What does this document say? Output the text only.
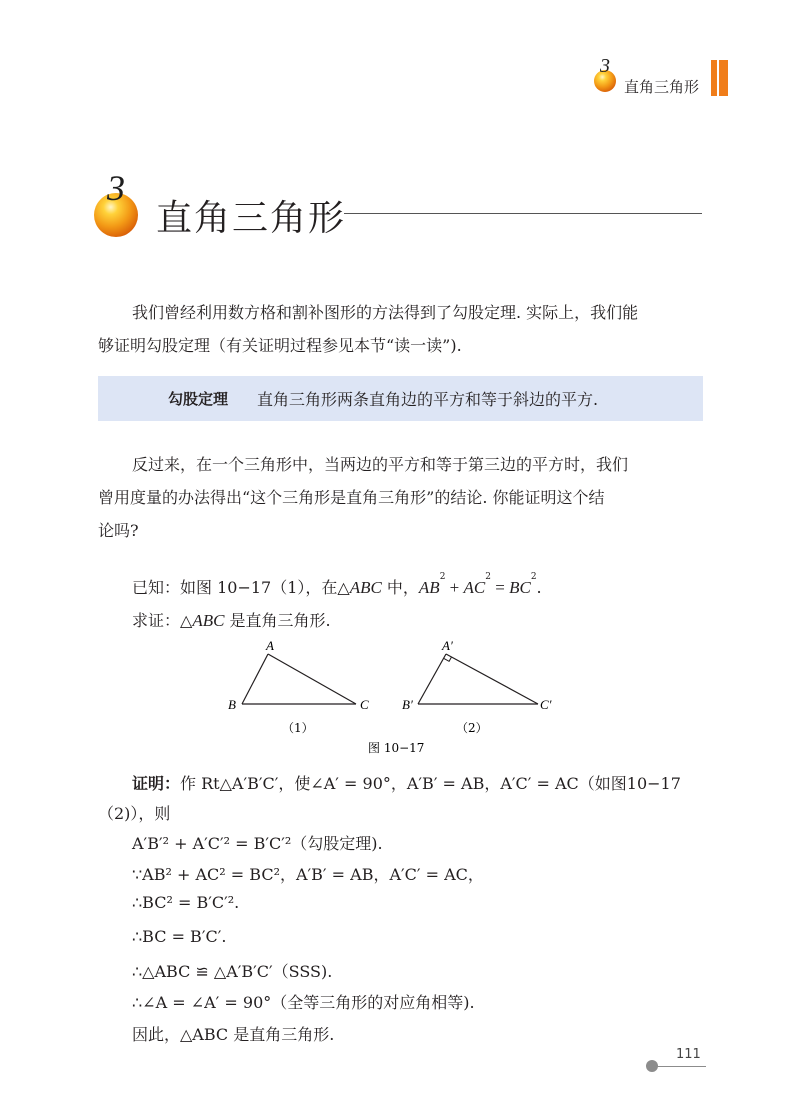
3
直角三角形
3
直角三角形
我们曾经利用数方格和割补图形的方法得到了勾股定理. 实际上，我们能
够证明勾股定理（有关证明过程参见本节“读一读”).
勾股定理 直角三角形两条直角边的平方和等于斜边的平方.
反过来，在一个三角形中，当两边的平方和等于第三边的平方时，我们
曾用度量的办法得出“这个三角形是直角三角形”的结论. 你能证明这个结
论吗?
已知：如图 10−17（1），在△ABC 中，$AB^2 + AC^2 = BC^2$.
求证：△ABC 是直角三角形.
A
B	C
（1）
A′
B′	C′
（2）
图 10−17
证明：作 Rt△A′B′C′，使∠A′ = 90°，A′B′ = AB，A′C′ = AC（如图10−17
（2)），则
A′B′² + A′C′² = B′C′²（勾股定理).
∵AB² + AC² = BC²，A′B′ = AB，A′C′ = AC，
∴BC² = B′C′².
∴BC = B′C′.
∴△ABC ≌ △A′B′C′（SSS).
∴∠A = ∠A′ = 90°（全等三角形的对应角相等).
因此，△ABC 是直角三角形.
111
